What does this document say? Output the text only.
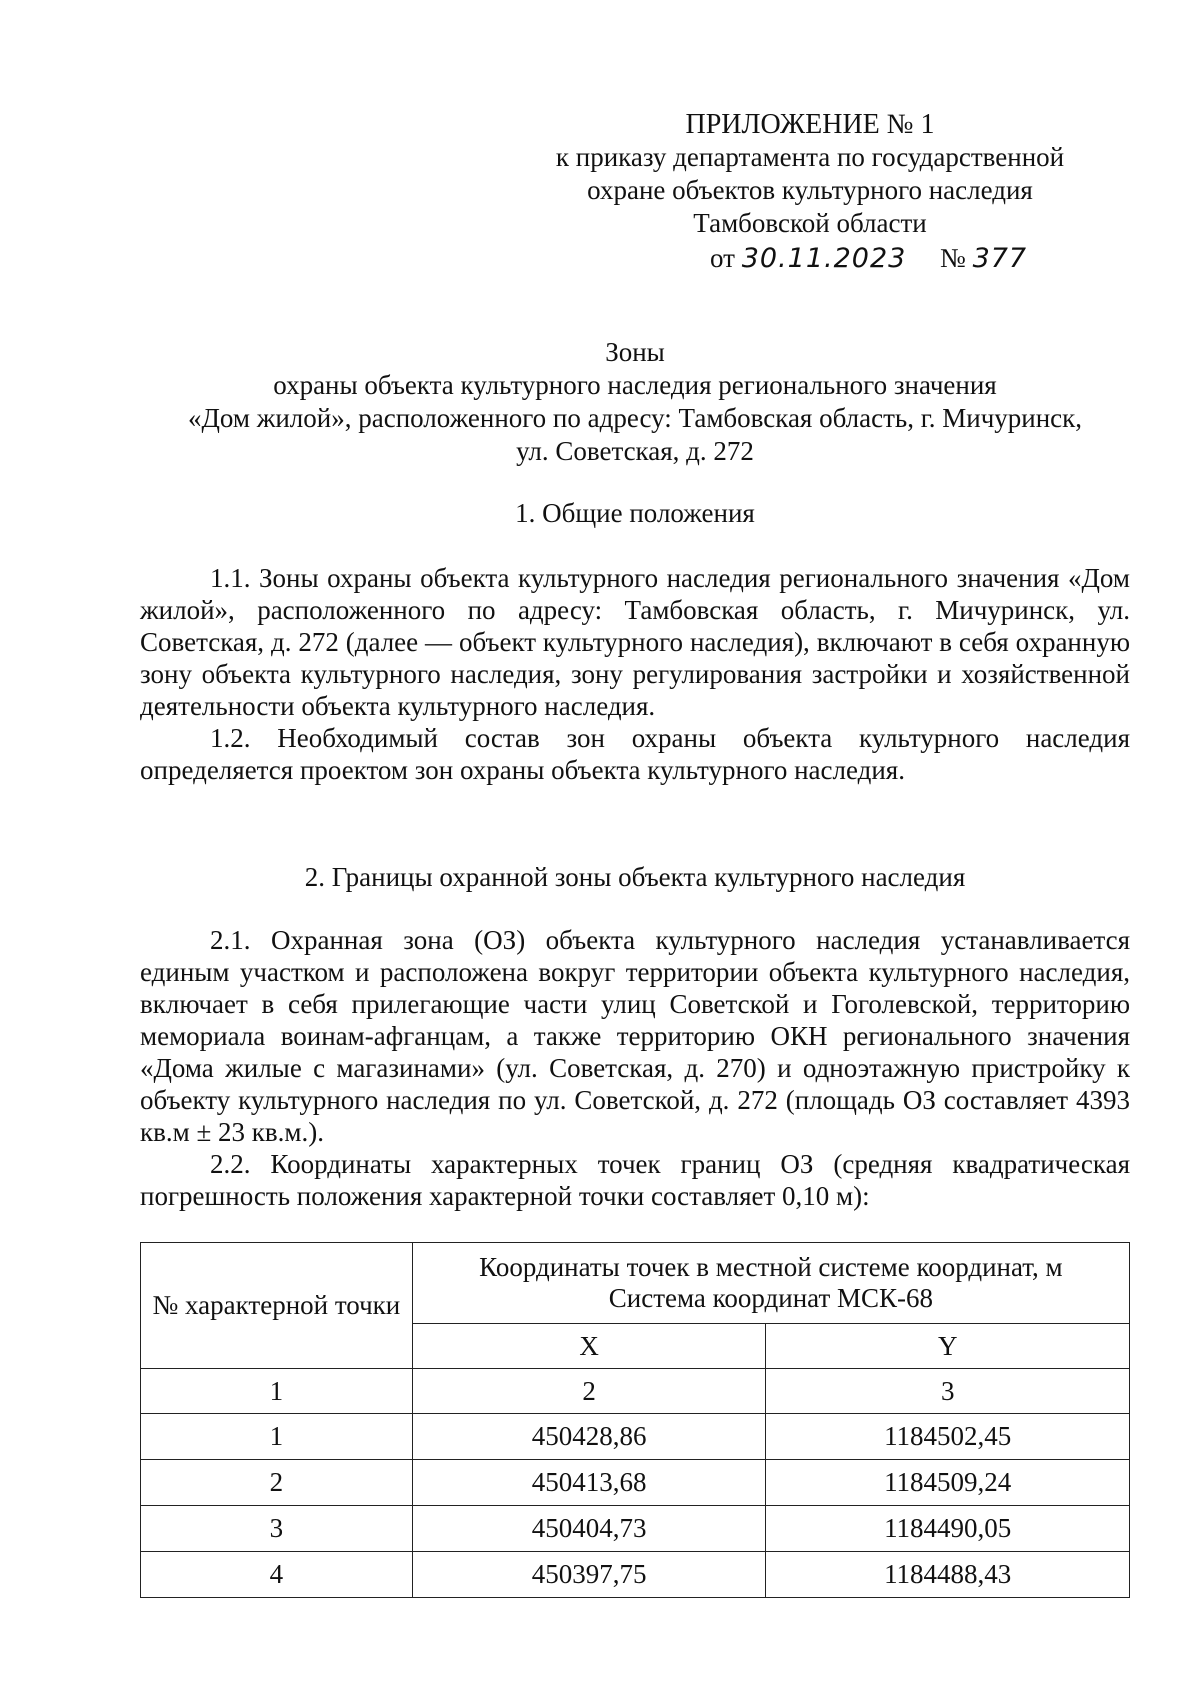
ПРИЛОЖЕНИЕ № 1
к приказу департамента по государственной
охране объектов культурного наследия
Тамбовской области
от 30.11.2023 № 377
Зоны
охраны объекта культурного наследия регионального значения
«Дом жилой», расположенного по адресу: Тамбовская область, г. Мичуринск,
ул. Советская, д. 272
1. Общие положения

1.1. Зоны охраны объекта культурного наследия регионального значения «Дом жилой», расположенного по адресу: Тамбовская область, г. Мичуринск, ул. Советская, д. 272 (далее — объект культурного наследия), включают в себя охранную зону объекта культурного наследия, зону регулирования застройки и хозяйственной деятельности объекта культурного наследия.

1.2. Необходимый состав зон охраны объекта культурного наследия определяется проектом зон охраны объекта культурного наследия.

2. Границы охранной зоны объекта культурного наследия

2.1. Охранная зона (ОЗ) объекта культурного наследия устанавливается единым участком и расположена вокруг территории объекта культурного наследия, включает в себя прилегающие части улиц Советской и Гоголевской, территорию мемориала воинам-афганцам, а также территорию ОКН регионального значения «Дома жилые с магазинами» (ул. Советская, д. 270) и одноэтажную пристройку к объекту культурного наследия по ул. Советской, д. 272 (площадь ОЗ составляет 4393 кв.м ± 23 кв.м.).

2.2. Координаты характерных точек границ ОЗ (средняя квадратическая погрешность положения характерной точки составляет 0,10 м):

№ характерной точки	Координаты точек в местной системе координат, м
Система координат МСК-68	

	X	Y
1	2	3
1	450428,86	1184502,45
2	450413,68	1184509,24
3	450404,73	1184490,05
4	450397,75	1184488,43
